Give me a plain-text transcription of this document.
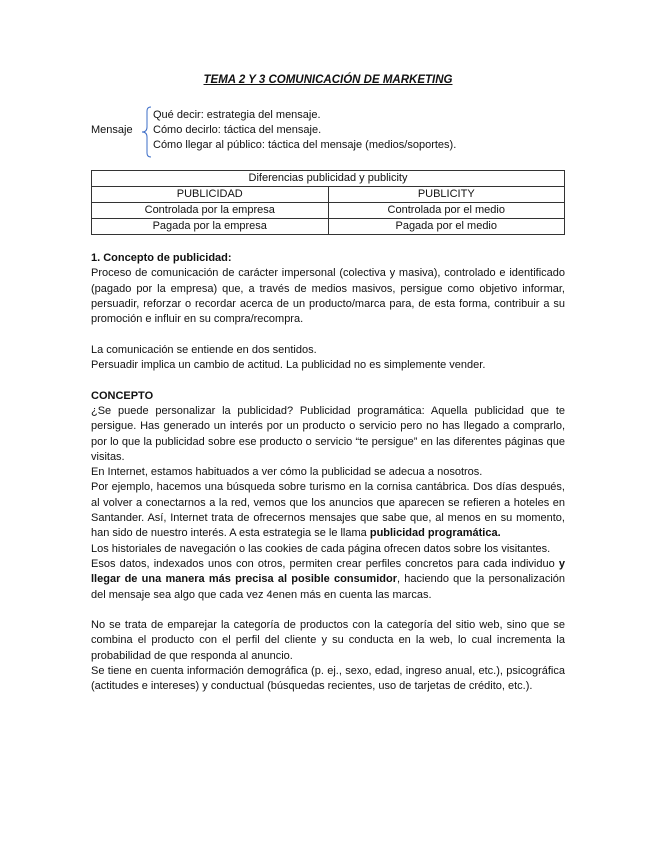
TEMA 2 Y 3 COMUNICACIÓN DE MARKETING
Mensaje
Qué decir: estrategia del mensaje.
Cómo decirlo: táctica del mensaje.
Cómo llegar al público: táctica del mensaje (medios/soportes).
Diferencias publicidad y publicity	
PUBLICIDAD	PUBLICITY
Controlada por la empresa	Controlada por el medio
Pagada por la empresa	Pagada por el medio

1. Concepto de publicidad:

Proceso de comunicación de carácter impersonal (colectiva y masiva), controlado e identificado (pagado por la empresa) que, a través de medios masivos, persigue como objetivo informar, persuadir, reforzar o recordar acerca de un producto/marca para, de esta forma, contribuir a su promoción e influir en su compra/recompra.

La comunicación se entiende en dos sentidos.

Persuadir implica un cambio de actitud. La publicidad no es simplemente vender.

CONCEPTO

¿Se puede personalizar la publicidad? Publicidad programática: Aquella publicidad que te persigue. Has generado un interés por un producto o servicio pero no has llegado a comprarlo, por lo que la publicidad sobre ese producto o servicio “te persigue” en las diferentes páginas que visitas.

En Internet, estamos habituados a ver cómo la publicidad se adecua a nosotros.

Por ejemplo, hacemos una búsqueda sobre turismo en la cornisa cantábrica. Dos días después, al volver a conectarnos a la red, vemos que los anuncios que aparecen se refieren a hoteles en Santander. Así, Internet trata de ofrecernos mensajes que sabe que, al menos en su momento, han sido de nuestro interés. A esta estrategia se le llama publicidad programática.

Los historiales de navegación o las cookies de cada página ofrecen datos sobre los visitantes.

Esos datos, indexados unos con otros, permiten crear perfiles concretos para cada individuo y llegar de una manera más precisa al posible consumidor, haciendo que la personalización del mensaje sea algo que cada vez 4enen más en cuenta las marcas.

No se trata de emparejar la categoría de productos con la categoría del sitio web, sino que se combina el producto con el perfil del cliente y su conducta en la web, lo cual incrementa la probabilidad de que responda al anuncio.

Se tiene en cuenta información demográfica (p. ej., sexo, edad, ingreso anual, etc.), psicográfica (actitudes e intereses) y conductual (búsquedas recientes, uso de tarjetas de crédito, etc.).
